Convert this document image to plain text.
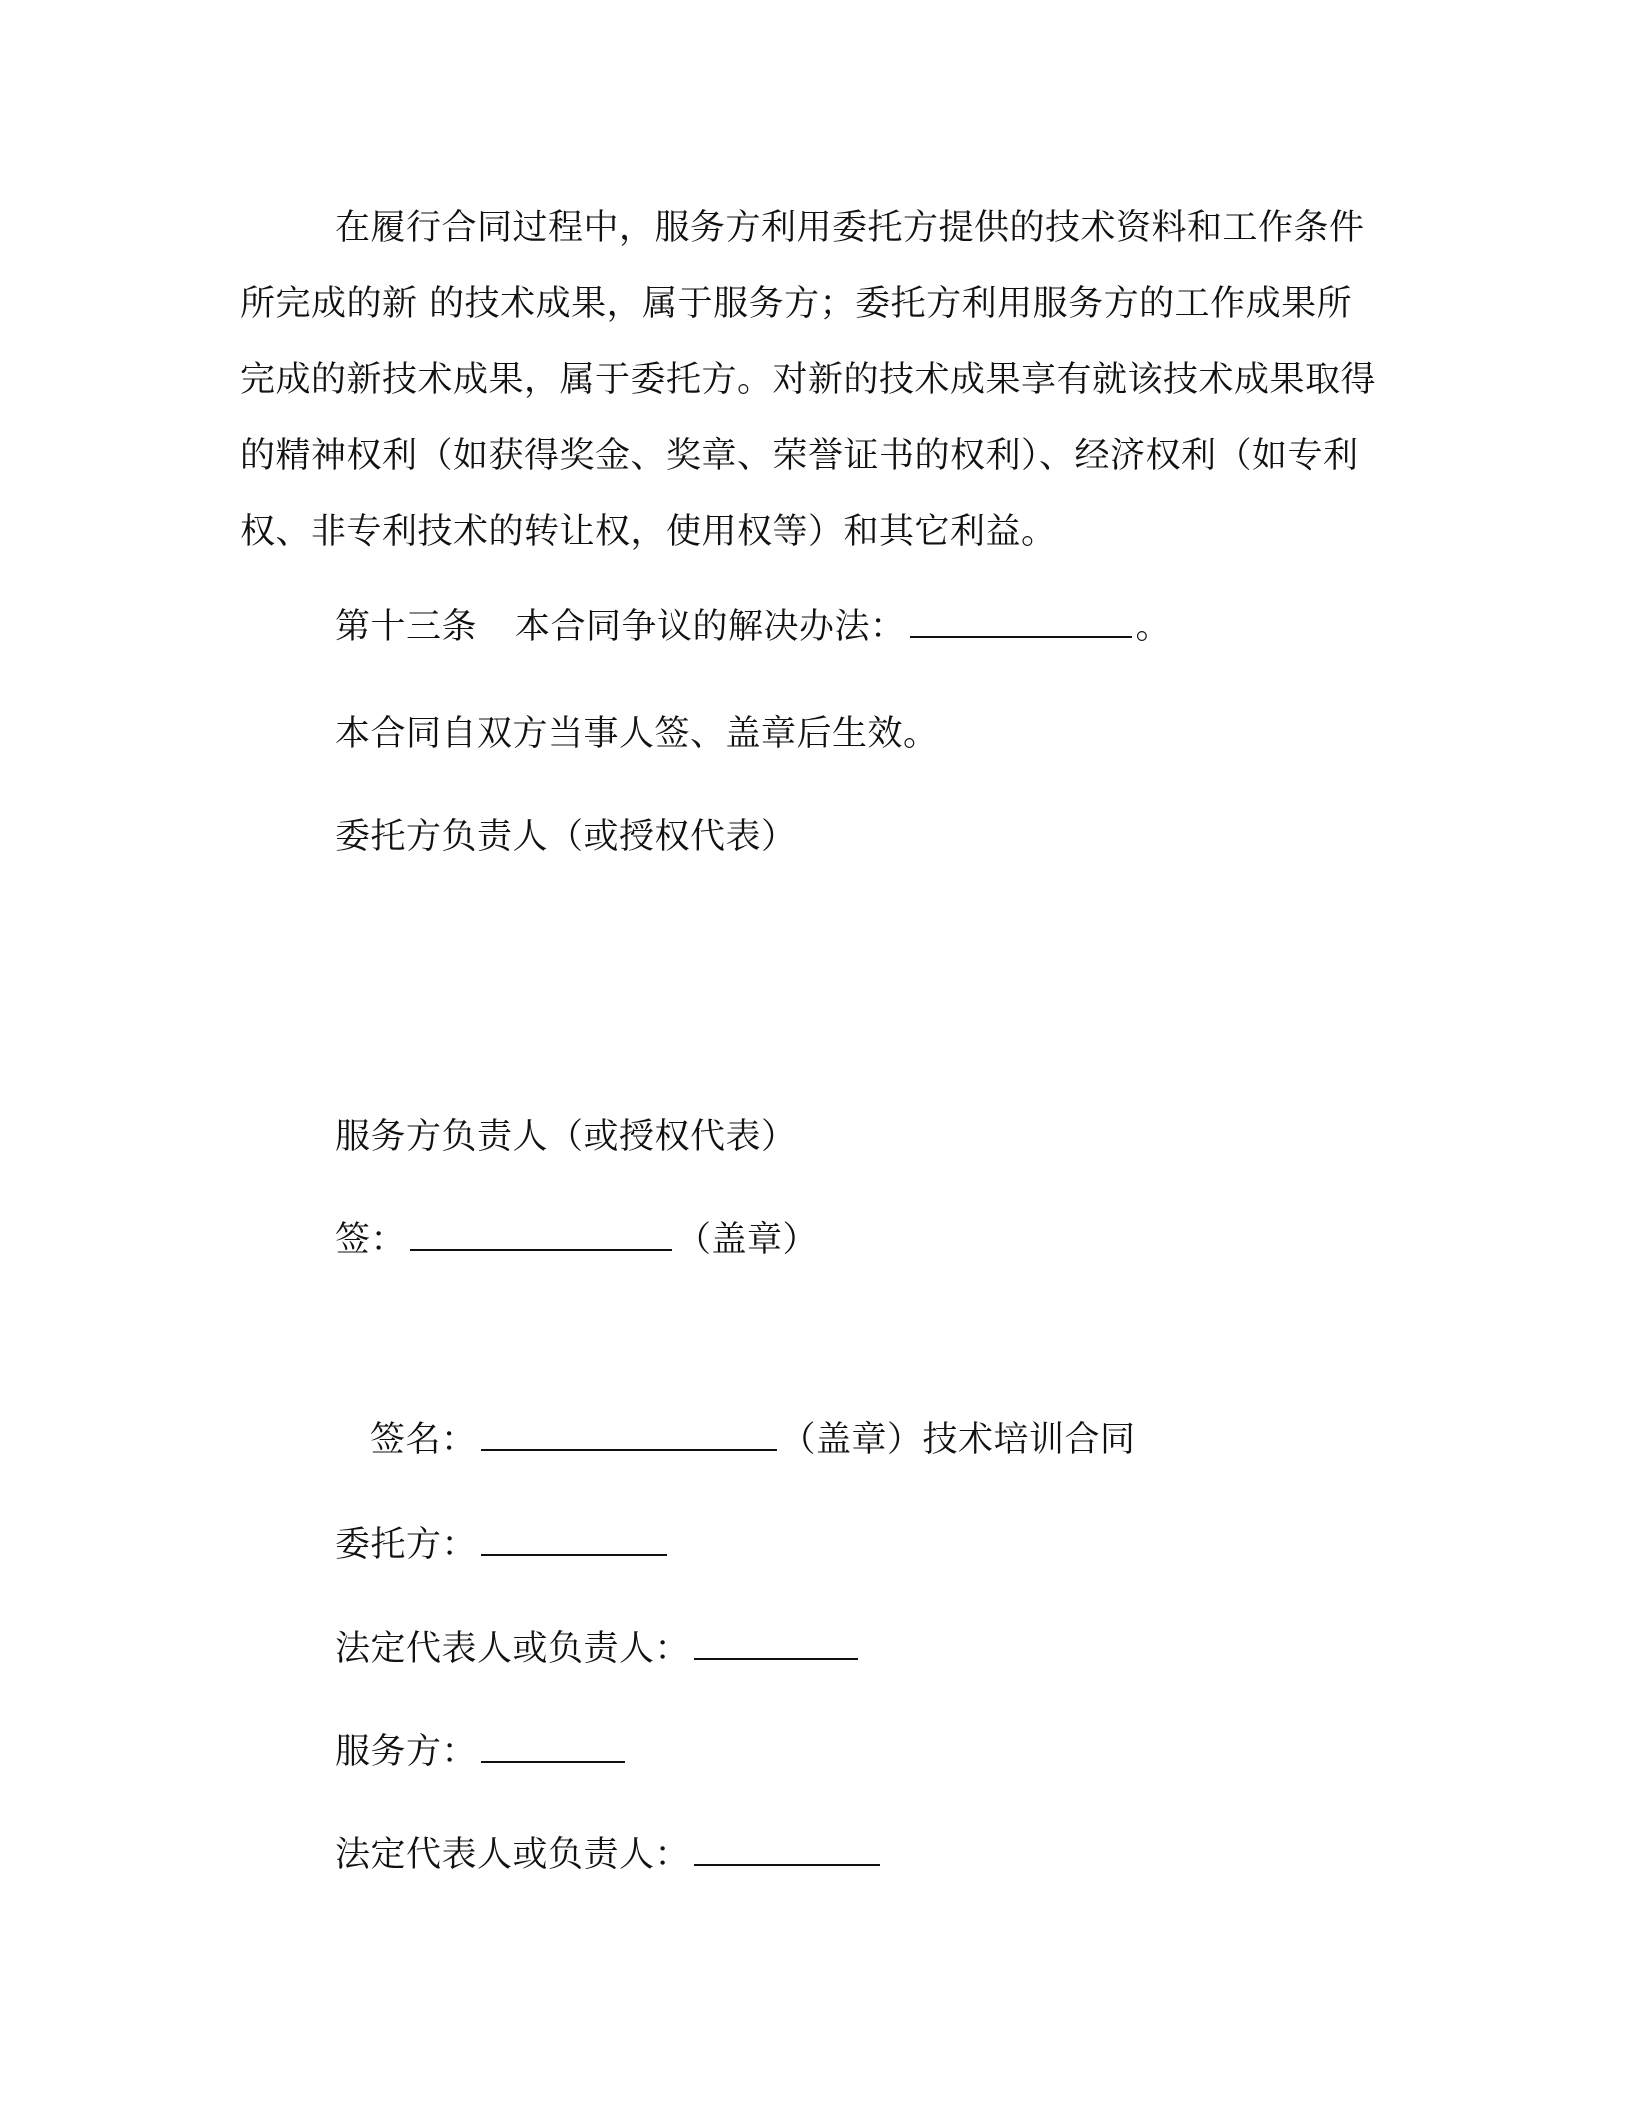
在履行合同过程中，服务方利用委托方提供的技术资料和工作条件所完成的新 的技术成果，属于服务方；委托方利用服务方的工作成果所完成的新技术成果，属于委托方。对新的技术成果享有就该技术成果取得的精神权利（如获得奖金、奖章、荣誉证书的权利）、经济权利（如专利权、非专利技术的转让权，使用权等）和其它利益。

第十三条 本合同争议的解决办法：	。
本合同自双方当事人签、盖章后生效。
委托方负责人（或授权代表）
服务方负责人（或授权代表）
签：	（盖章）
签名：	（盖章）技术培训合同
委托方：
法定代表人或负责人：
服务方：
法定代表人或负责人：
